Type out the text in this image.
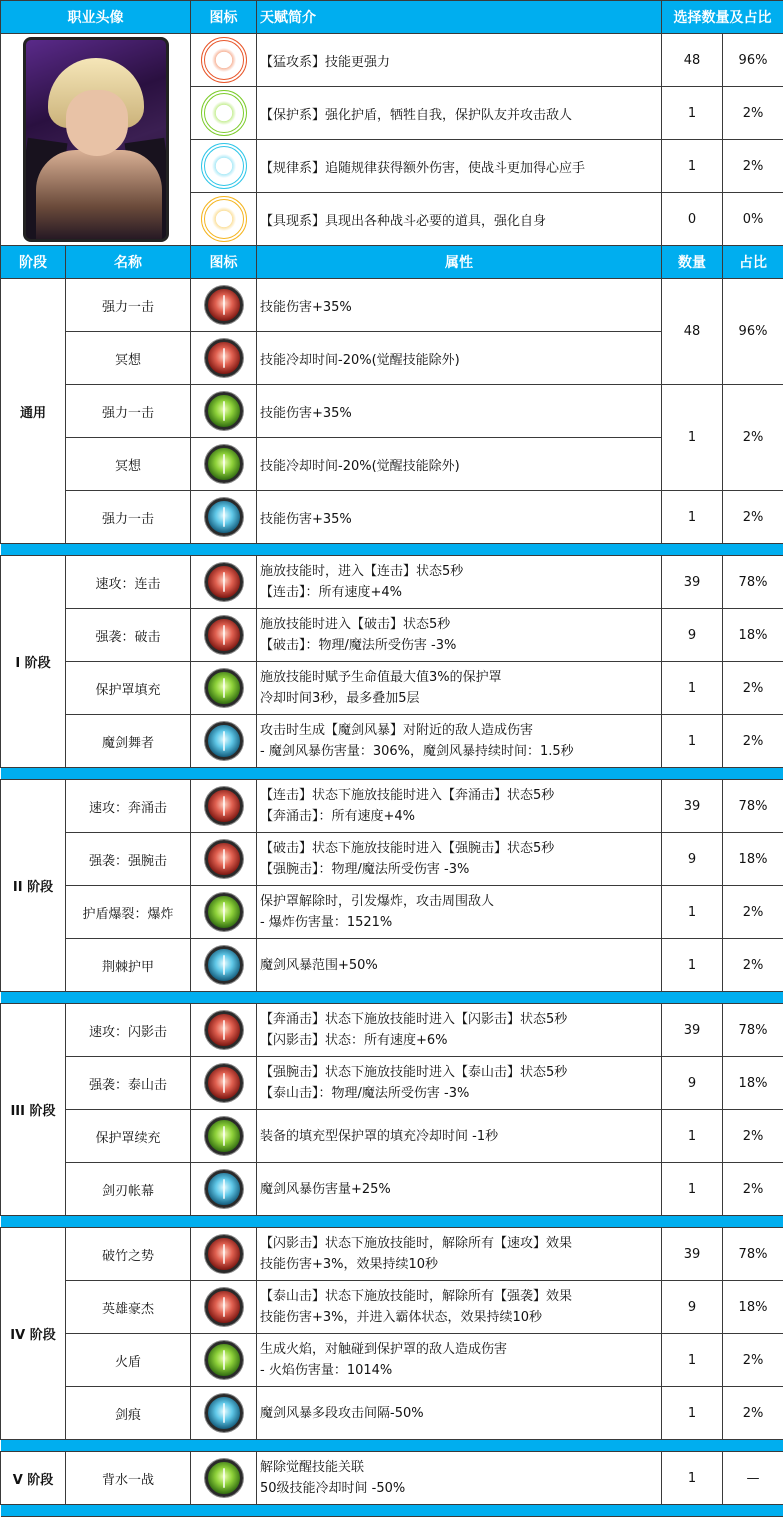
职业头像		图标	天赋简介	选择数量及占比	

			【猛攻系】技能更强力	48	96%
			【保护系】强化护盾，牺牲自我，保护队友并攻击敌人	1	2%
			【规律系】追随规律获得额外伤害，使战斗更加得心应手	1	2%
			【具现系】具现出各种战斗必要的道具，强化自身	0	0%
阶段	名称	图标	属性	数量	占比
通用	强力一击		技能伤害+35%	48	96%
	冥想		技能冷却时间-20%(觉醒技能除外)		
	强力一击		技能伤害+35%	1	2%
	冥想		技能冷却时间-20%(觉醒技能除外)		
	强力一击		技能伤害+35%	1	2%

I 阶段	速攻：连击		施放技能时，进入【连击】状态5秒
【连击】：所有速度+4%	39	78%
	强袭：破击		施放技能时进入【破击】状态5秒
【破击】：物理/魔法所受伤害 -3%	9	18%
	保护罩填充		施放技能时赋予生命值最大值3%的保护罩
冷却时间3秒，最多叠加5层	1	2%
	魔剑舞者		攻击时生成【魔剑风暴】对附近的敌人造成伤害
- 魔剑风暴伤害量：306%，魔剑风暴持续时间：1.5秒	1	2%

II 阶段	速攻：奔涌击		【连击】状态下施放技能时进入【奔涌击】状态5秒
【奔涌击】：所有速度+4%	39	78%
	强袭：强腕击		【破击】状态下施放技能时进入【强腕击】状态5秒
【强腕击】：物理/魔法所受伤害 -3%	9	18%
	护盾爆裂：爆炸		保护罩解除时，引发爆炸，攻击周围敌人
- 爆炸伤害量：1521%	1	2%
	荆棘护甲		魔剑风暴范围+50%	1	2%

III 阶段	速攻：闪影击		【奔涌击】状态下施放技能时进入【闪影击】状态5秒
【闪影击】状态：所有速度+6%	39	78%
	强袭：泰山击		【强腕击】状态下施放技能时进入【泰山击】状态5秒
【泰山击】：物理/魔法所受伤害 -3%	9	18%
	保护罩续充		装备的填充型保护罩的填充冷却时间 -1秒	1	2%
	剑刃帐幕		魔剑风暴伤害量+25%	1	2%

IV 阶段	破竹之势		【闪影击】状态下施放技能时，解除所有【速攻】效果
技能伤害+3%，效果持续10秒	39	78%
	英雄豪杰		【泰山击】状态下施放技能时，解除所有【强袭】效果
技能伤害+3%，并进入霸体状态，效果持续10秒	9	18%
	火盾		生成火焰，对触碰到保护罩的敌人造成伤害
- 火焰伤害量：1014%	1	2%
	剑痕		魔剑风暴多段攻击间隔-50%	1	2%

V 阶段	背水一战		解除觉醒技能关联
50级技能冷却时间 -50%	1	—
